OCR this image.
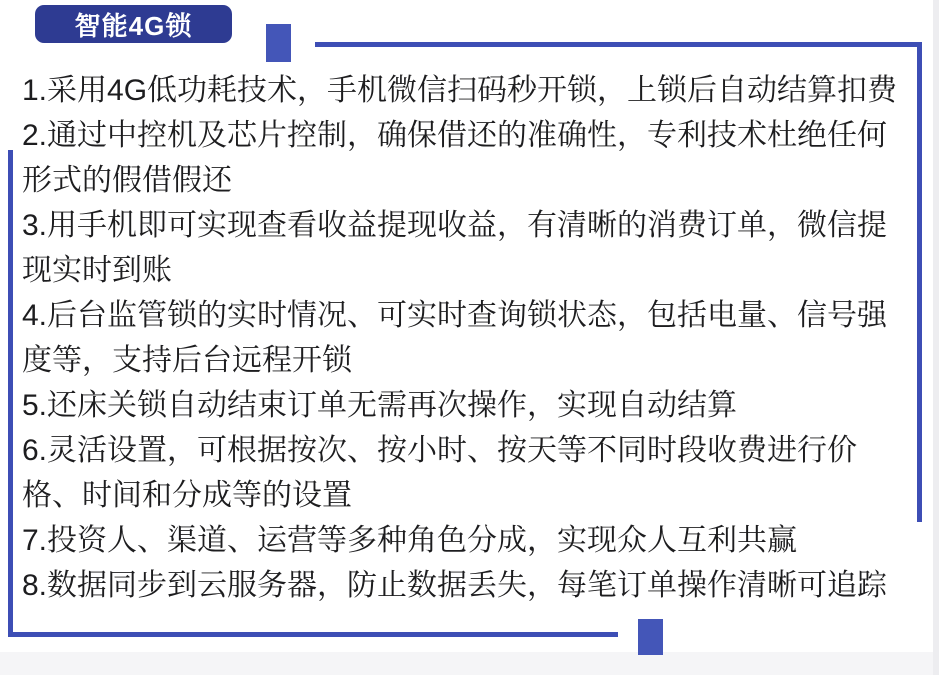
智能4G锁
1.采用4G低功耗技术，手机微信扫码秒开锁，上锁后自动结算扣费
2.通过中控机及芯片控制，确保借还的准确性，专利技术杜绝任何形式的假借假还
3.用手机即可实现查看收益提现收益，有清晰的消费订单，微信提现实时到账
4.后台监管锁的实时情况、可实时查询锁状态，包括电量、信号强度等，支持后台远程开锁
5.还床关锁自动结束订单无需再次操作，实现自动结算
6.灵活设置，可根据按次、按小时、按天等不同时段收费进行价格、时间和分成等的设置
7.投资人、渠道、运营等多种角色分成，实现众人互利共赢
8.数据同步到云服务器，防止数据丢失，每笔订单操作清晰可追踪
